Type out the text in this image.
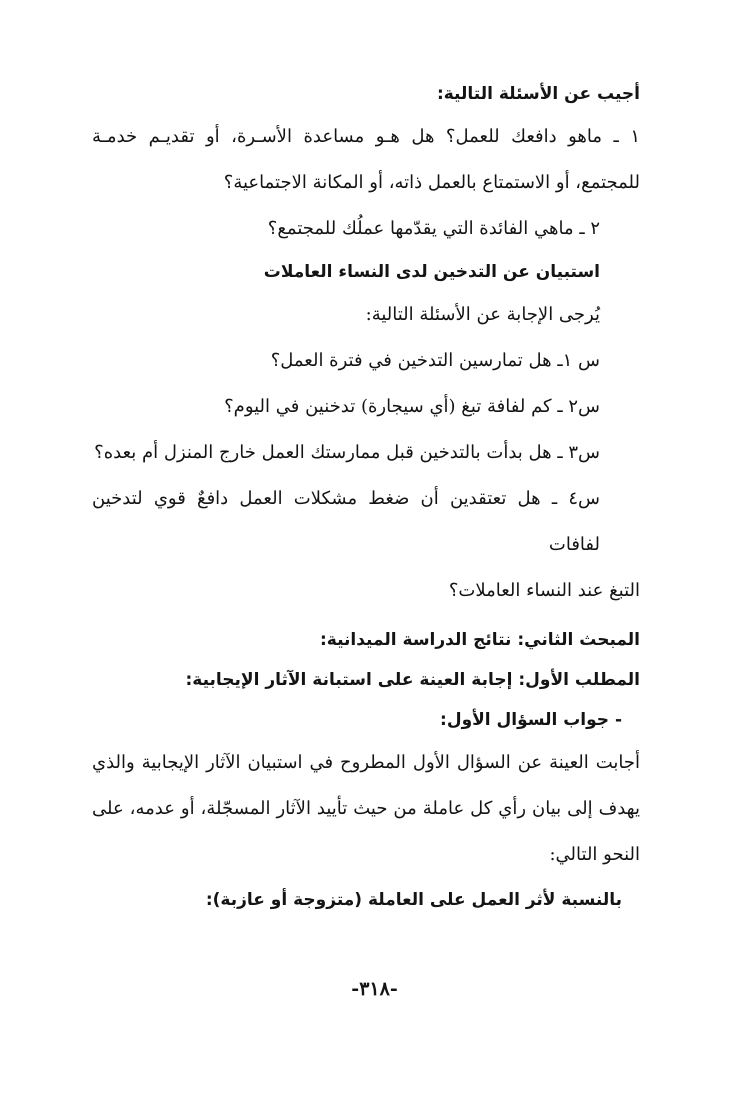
أجيب عن الأسئلة التالية:

١ ـ ماهو دافعك للعمل؟ هل هـو مساعدة الأسـرة، أو تقديـم خدمـة

للمجتمع، أو الاستمتاع بالعمل ذاته، أو المكانة الاجتماعية؟

٢ ـ ماهي الفائدة التي يقدّمها عملُك للمجتمع؟

استبيان عن التدخين لدى النساء العاملات

يُرجى الإجابة عن الأسئلة التالية:

س ١ـ هل تمارسين التدخين في فترة العمل؟

س٢ ـ كم لفافة تبغ (أي سيجارة) تدخنين في اليوم؟

س٣ ـ هل بدأت بالتدخين قبل ممارستك العمل خارج المنزل أم بعده؟

س٤ ـ هل تعتقدين أن ضغط مشكلات العمل دافعٌ قوي لتدخين لفافات

التبغ عند النساء العاملات؟

المبحث الثاني: نتائج الدراسة الميدانية:

المطلب الأول: إجابة العينة على استبانة الآثار الإيجابية:

- جواب السؤال الأول:

أجابت العينة عن السؤال الأول المطروح في استبيان الآثار الإيجابية والذي

يهدف إلى بيان رأي كل عاملة من حيث تأييد الآثار المسجّلة، أو عدمه، على

النحو التالي:

بالنسبة لأثر العمل على العاملة (متزوجة أو عازبة):

-٣١٨-
